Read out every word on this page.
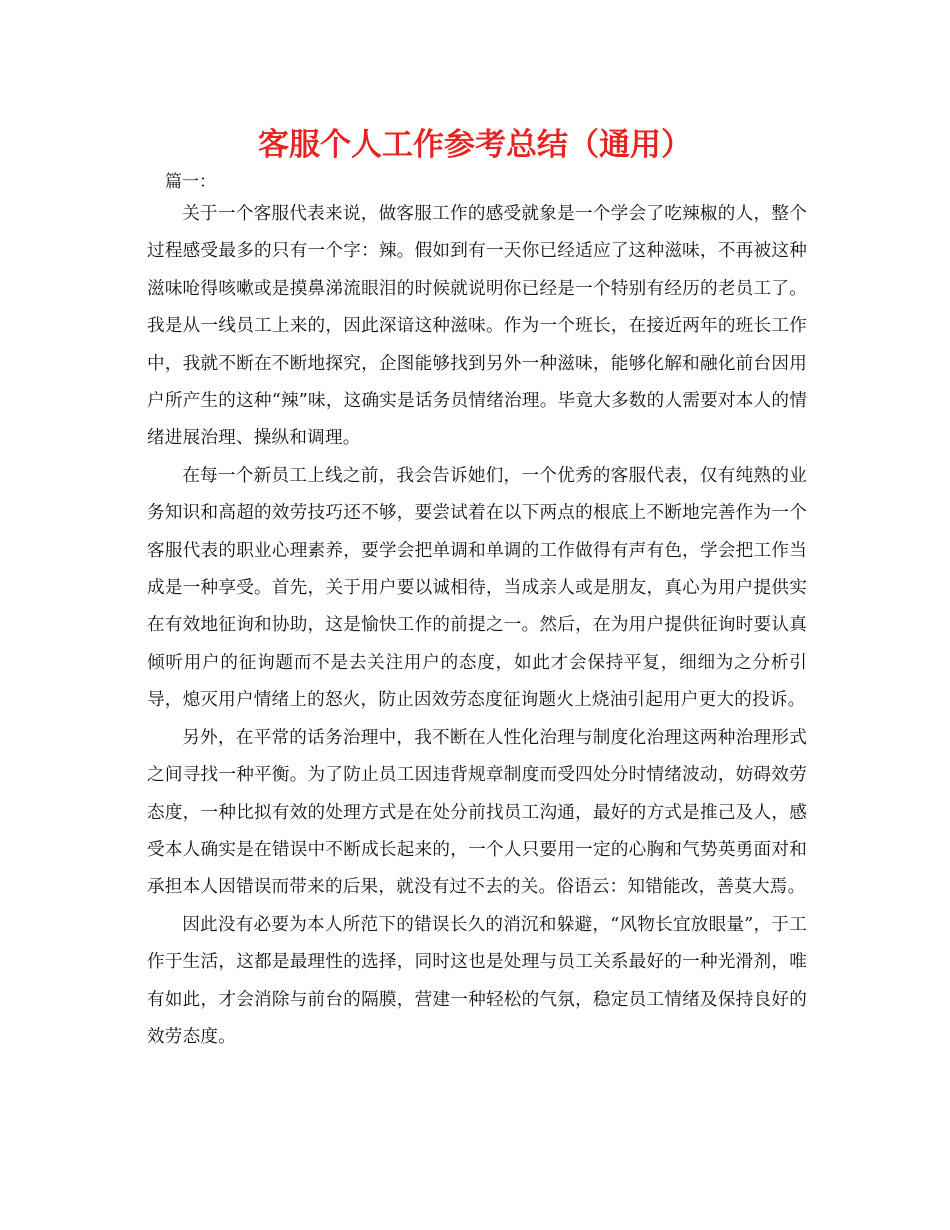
客服个人工作参考总结（通用）

篇一：

关于一个客服代表来说，做客服工作的感受就象是一个学会了吃辣椒的人，整个过程感受最多的只有一个字：辣。假如到有一天你已经适应了这种滋味，不再被这种滋味呛得咳嗽或是摸鼻涕流眼泪的时候就说明你已经是一个特别有经历的老员工了。我是从一线员工上来的，因此深谙这种滋味。作为一个班长，在接近两年的班长工作中，我就不断在不断地探究，企图能够找到另外一种滋味，能够化解和融化前台因用户所产生的这种“辣”味，这确实是话务员情绪治理。毕竟大多数的人需要对本人的情绪进展治理、操纵和调理。

在每一个新员工上线之前，我会告诉她们，一个优秀的客服代表，仅有纯熟的业务知识和高超的效劳技巧还不够，要尝试着在以下两点的根底上不断地完善作为一个客服代表的职业心理素养，要学会把单调和单调的工作做得有声有色，学会把工作当成是一种享受。首先，关于用户要以诚相待，当成亲人或是朋友，真心为用户提供实在有效地征询和协助，这是愉快工作的前提之一。然后，在为用户提供征询时要认真倾听用户的征询题而不是去关注用户的态度，如此才会保持平复，细细为之分析引导，熄灭用户情绪上的怒火，防止因效劳态度征询题火上烧油引起用户更大的投诉。

另外，在平常的话务治理中，我不断在人性化治理与制度化治理这两种治理形式之间寻找一种平衡。为了防止员工因违背规章制度而受四处分时情绪波动，妨碍效劳态度，一种比拟有效的处理方式是在处分前找员工沟通，最好的方式是推己及人，感受本人确实是在错误中不断成长起来的，一个人只要用一定的心胸和气势英勇面对和承担本人因错误而带来的后果，就没有过不去的关。俗语云：知错能改，善莫大焉。

因此没有必要为本人所范下的错误长久的消沉和躲避，“风物长宜放眼量”，于工作于生活，这都是最理性的选择，同时这也是处理与员工关系最好的一种光滑剂，唯有如此，才会消除与前台的隔膜，营建一种轻松的气氛，稳定员工情绪及保持良好的效劳态度。
